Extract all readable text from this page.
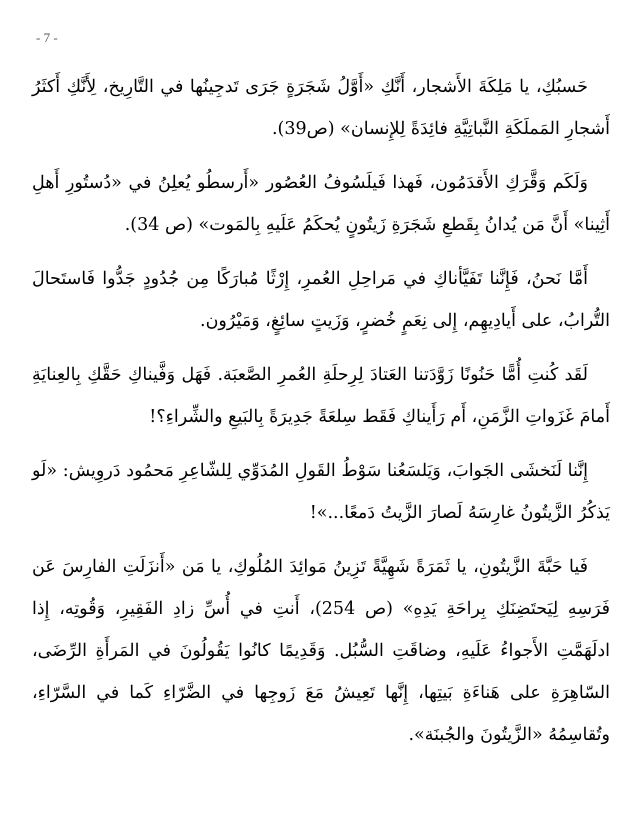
- 7 -

حَسبُكِ، يا مَلِكَةَ الأَشجار، أَنَّكِ «أَوَّلُ شَجَرَةٍ جَرَى تَدجِينُها في التَّارِيخ، لِأَنَّكِ أَكثَرُ أَشجارِ المَملَكَةِ النَّباتِيَّةِ فائِدَةً لِلإِنسان» (ص39).

وَلَكَم وَقَّرَكِ الأَقدَمُون، فَهذا فَيلَسُوفُ العُصُور «أَرسطُو يُعلِنُ في «دُستُورِ أَهلِ أَثِينا» أَنَّ مَن يُدانُ بِقَطعِ شَجَرَةِ زَيتُونٍ يُحكَمُ عَلَيهِ بِالمَوت» (ص 34).

أَمَّا نَحنُ، فَإِنَّنا تَفَيَّأناكِ في مَراحِلِ العُمرِ، إِرْثًا مُبارَكًا مِن جُدُودٍ جَدُّوا فَاستَحالَ التُّرابُ، على أَيادِيهِم، إِلى نِعَمٍ خُضرٍ، وَزَيتٍ سائِغٍ، وَمَيْرُون.

لَقَد كُنتِ أُمًّا حَنُونًا زَوَّدَتنا العَتادَ لِرِحلَةِ العُمرِ الصَّعبَة. فَهَل وَفَّيناكِ حَقَّكِ بِالعِنايَةِ أَمامَ غَزَواتِ الزَّمَنِ، أَم رَأَيناكِ فَقَط سِلعَةً جَدِيرَةً بِالبَيعِ والشِّراءِ؟!

إِنَّنا لَنَخشَى الجَوابَ، وَيَلسَعُنا سَوْطُ القَولِ المُدَوِّي لِلشّاعِرِ مَحمُود دَروِيش: «لَو يَذكُرُ الزَّيتُونُ غارِسَهُ لَصارَ الزَّيتُ دَمعًا...»!

فَيا حَبَّةَ الزَّيتُونِ، يا ثَمَرَةً شَهِيَّةً تَزِينُ مَوائِدَ المُلُوكِ، يا مَن «أَنزَلَتِ الفارِسَ عَن فَرَسِهِ لِيَحتَضِنَكِ بِراحَةِ يَدِهِ» (ص 254)، أَنتِ في أُسِّ زادِ الفَقِيرِ، وَقُوتِه، إِذا ادلَهَمَّتِ الأَجواءُ عَلَيهِ، وضاقَتِ السُّبُل. وَقَدِيمًا كانُوا يَقُولُونَ في المَرأَةِ الرِّضَى، السّاهِرَةِ على هَناءَةِ بَيتِها، إِنَّها تَعِيشُ مَعَ زَوجِها في الضَّرّاءِ كَما في السَّرّاءِ، وتُقاسِمُهُ «الزَّيتُونَ والجُبنَة».
